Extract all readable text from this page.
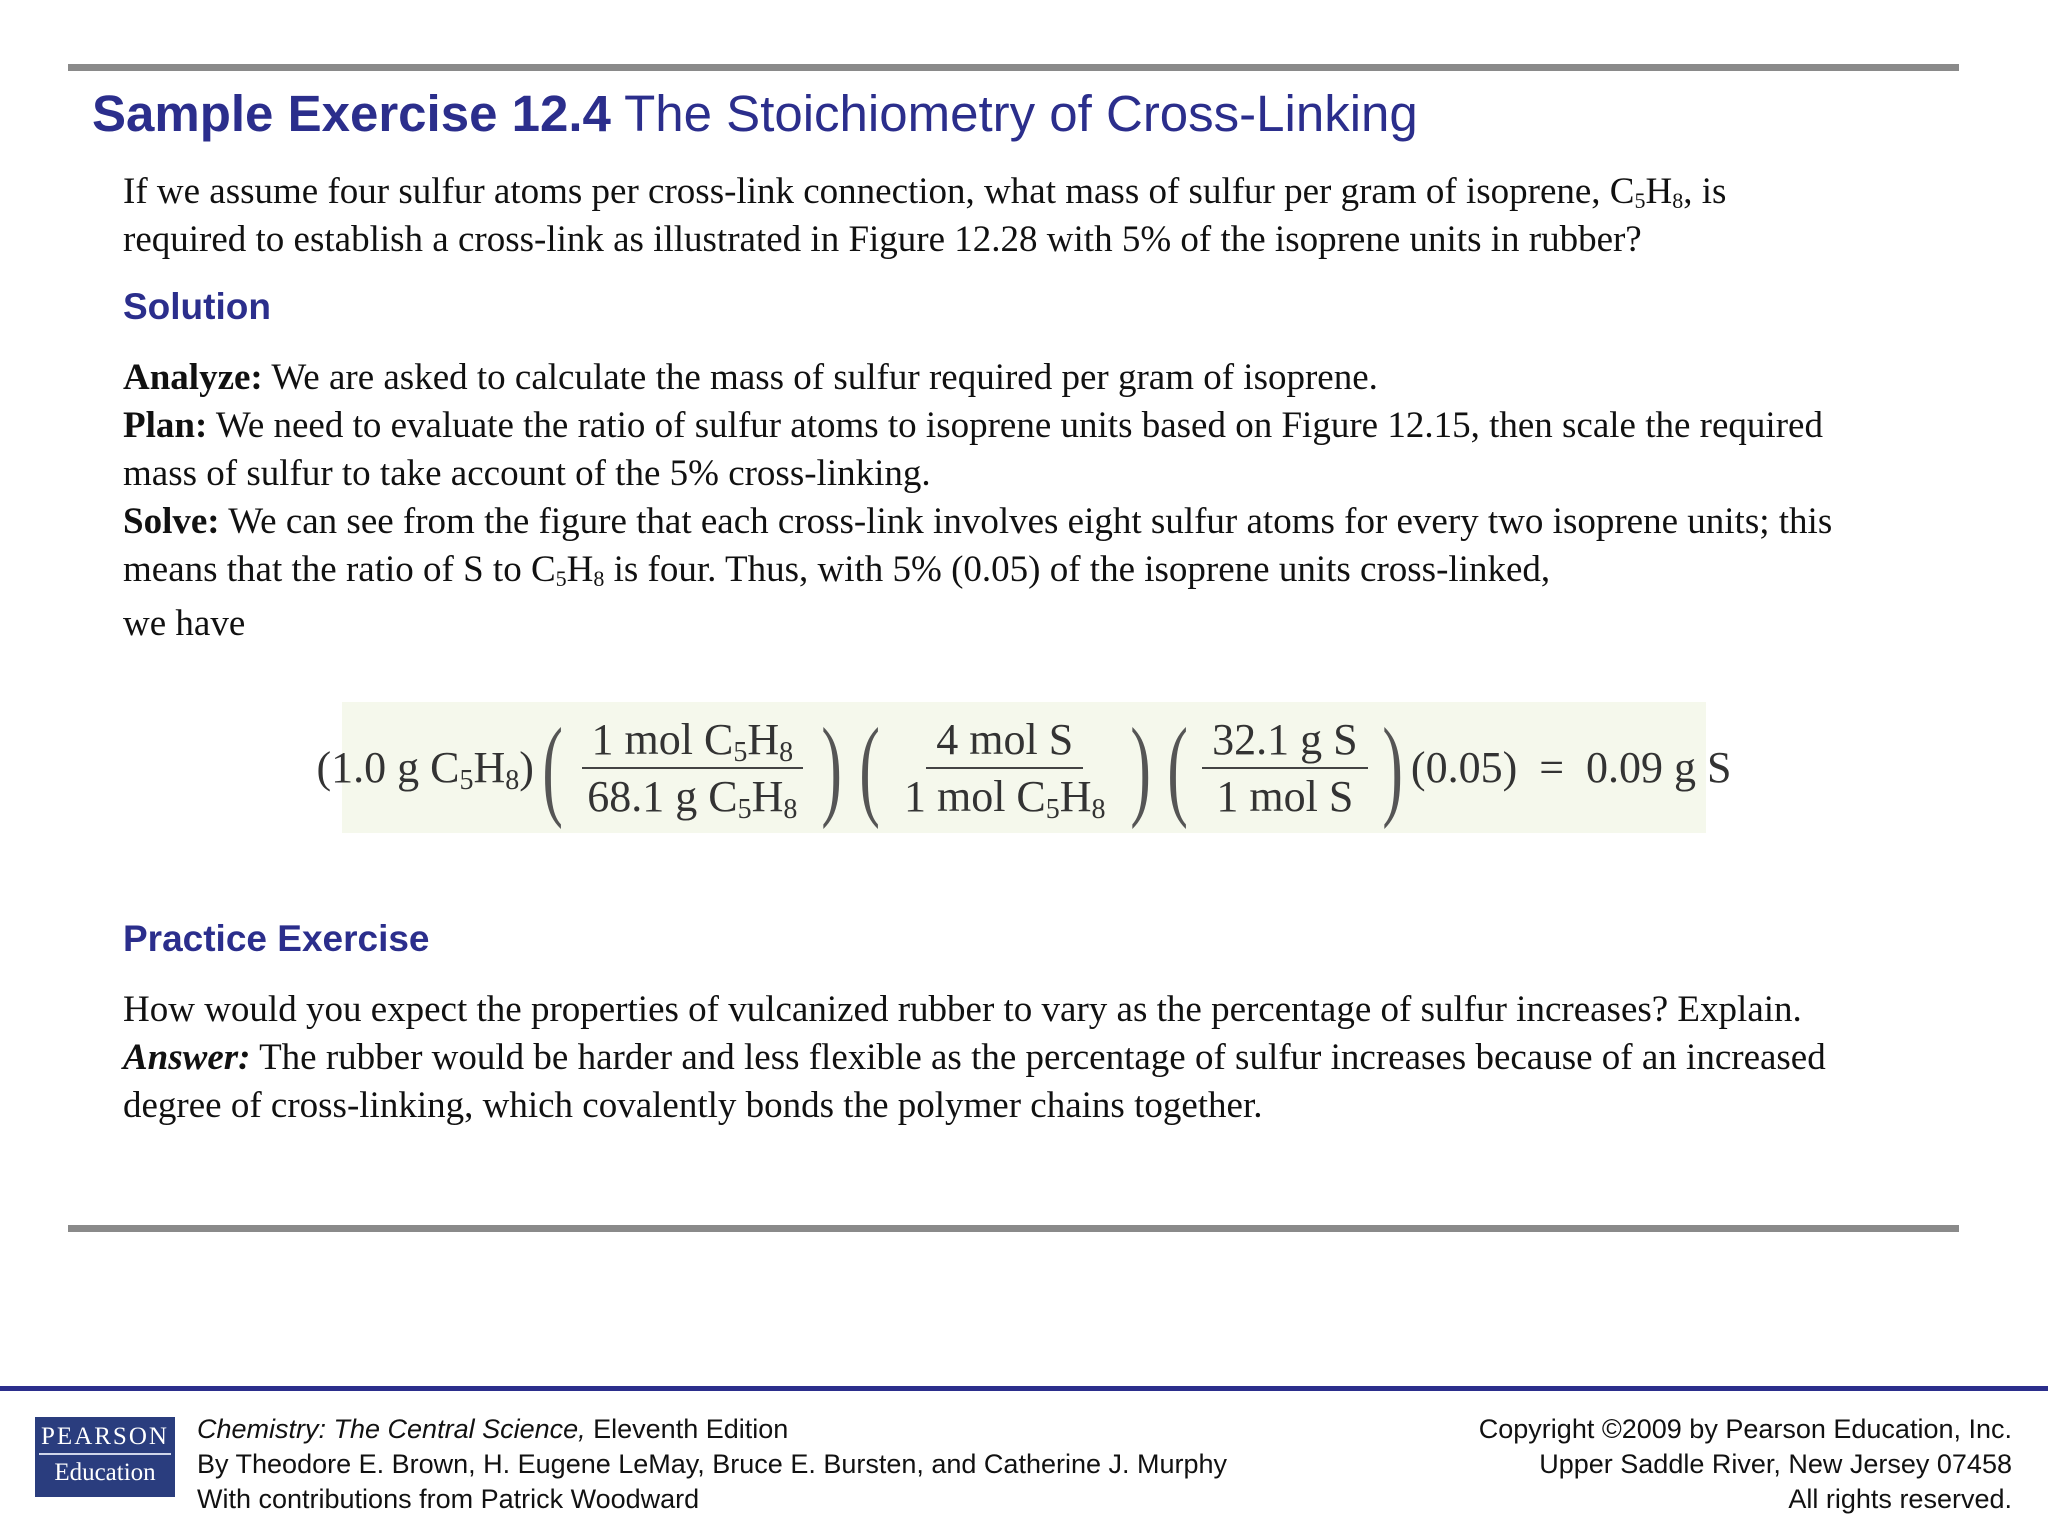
Sample Exercise 12.4 The Stoichiometry of Cross-Linking

If we assume four sulfur atoms per cross-link connection, what mass of sulfur per gram of isoprene, $C_5H_8$, is
required to establish a cross-link as illustrated in Figure 12.28 with 5% of the isoprene units in rubber?

Solution

Analyze: We are asked to calculate the mass of sulfur required per gram of isoprene.

Plan: We need to evaluate the ratio of sulfur atoms to isoprene units based on Figure 12.15, then scale the required mass of sulfur to take account of the 5% cross-linking.

Solve: We can see from the figure that each cross-link involves eight sulfur atoms for every two isoprene units; this means that the ratio of S to $C_5H_8$ is four. Thus, with 5% (0.05) of the isoprene units cross-linked,

we have

(1.0 g $C_5H_8$) ( $\frac{1 mol C_5H_8}{68.1 g C_5H_8}$ ) ( $\frac{\text{4 mol S}}{1 mol C_5H_8}$ ) ( $\frac{\text{32.1 g S}}{\text{1 mol S}}$ ) (0.05)  =  0.09 g S

Practice Exercise

How would you expect the properties of vulcanized rubber to vary as the percentage of sulfur increases? Explain.

Answer: The rubber would be harder and less flexible as the percentage of sulfur increases because of an increased degree of cross-linking, which covalently bonds the polymer chains together.

PEARSON
Education
Chemistry: The Central Science, Eleventh Edition
By Theodore E. Brown, H. Eugene LeMay, Bruce E. Bursten, and Catherine J. Murphy
With contributions from Patrick Woodward
Copyright ©2009 by Pearson Education, Inc.
Upper Saddle River, New Jersey 07458
All rights reserved.
